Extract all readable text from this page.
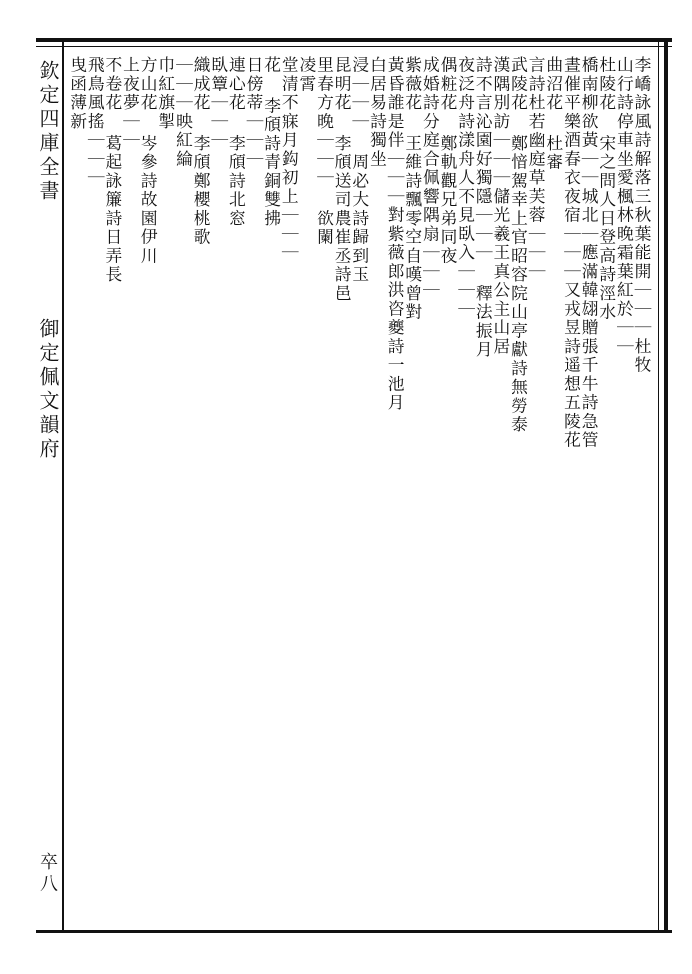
欽定四庫全書
御定佩文韻府
卒八
李嶠詠風詩解落三秋葉能開｜｜｜杜牧
山行詩停車坐愛楓林晚霜葉紅於｜｜
杜陵花 宋之問人日登高詩涇水
橋南柳欲黃｜｜城北｜應滿韓翃贈張千牛詩急管
晝催平樂酒春衣夜宿｜｜｜又戎昱詩遥想五陵花
曲沼花 杜審
言詩杜若幽庭草芙蓉｜｜｜
武陵花 鄭愔駕幸上官昭容院山亭獻詩無勞泰
漢隅別訪｜｜｜儲光羲王真公主山居
詩不言沁園好獨隱｜｜｜ 釋法振月
夜泛舟詩漾舟人不見臥入｜｜｜
偶粧花 鄭軌觀兄弟同夜
成婚詩分庭合佩響隅扇｜｜｜
紫薇花 王維詩飄零空自嘆曾對
黃昏誰是伴｜｜｜對紫薇郎洪咨夔詩一池月
白居易詩獨坐
浸｜｜｜ 周必大詩歸到玉
昆明花 李頎送司農崔丞詩邑
里春方晚｜｜｜ 欲闌
凌霄
堂清不寐月鈎初上｜｜｜
花 李頎詩青銅雙拂
日傍蒂｜｜｜
連心花 李頎詩北窓
臥簟｜｜｜
織成花 李頎鄭櫻桃歌
｜｜｜映紅綸
巾紅旗掣
方山花 岑參詩故園伊川
上夜夢｜｜
不卷花 葛起詠簾詩日弄長
飛鳥風搖｜｜｜
曳函薄新
